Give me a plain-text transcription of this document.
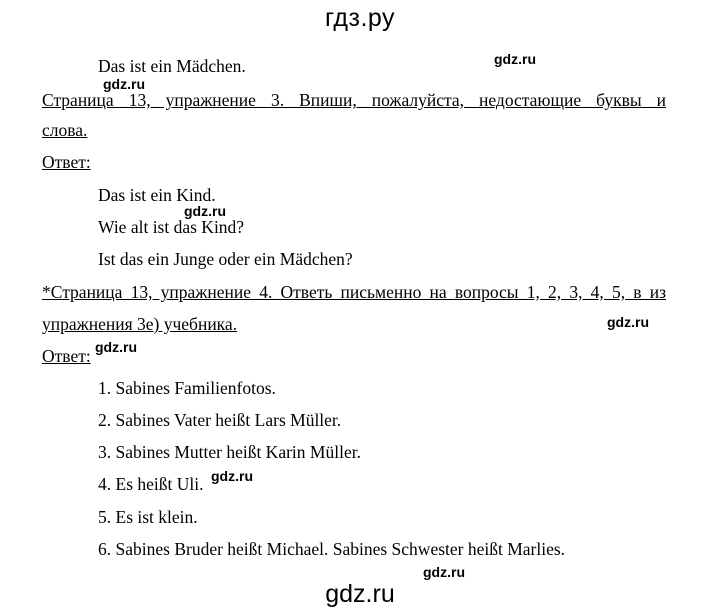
гдз.ру
Das ist ein Mädchen.
Страница 13, упражнение 3. Впиши, пожалуйста, недостающие буквы и
слова.
Ответ:
Das ist ein Kind.
Wie alt ist das Kind?
Ist das ein Junge oder ein Mädchen?
*Страница 13, упражнение 4. Ответь письменно на вопросы 1, 2, 3, 4, 5, в из
упражнения 3е) учебника.
Ответ:
1. Sabines Familienfotos.
2. Sabines Vater heißt Lars Müller.
3. Sabines Mutter heißt Karin Müller.
4. Es heißt Uli.
5. Es ist klein.
6. Sabines Bruder heißt Michael. Sabines Schwester heißt Marlies.
gdz.ru
gdz.ru
gdz.ru
gdz.ru
gdz.ru
gdz.ru
gdz.ru
gdz.ru
